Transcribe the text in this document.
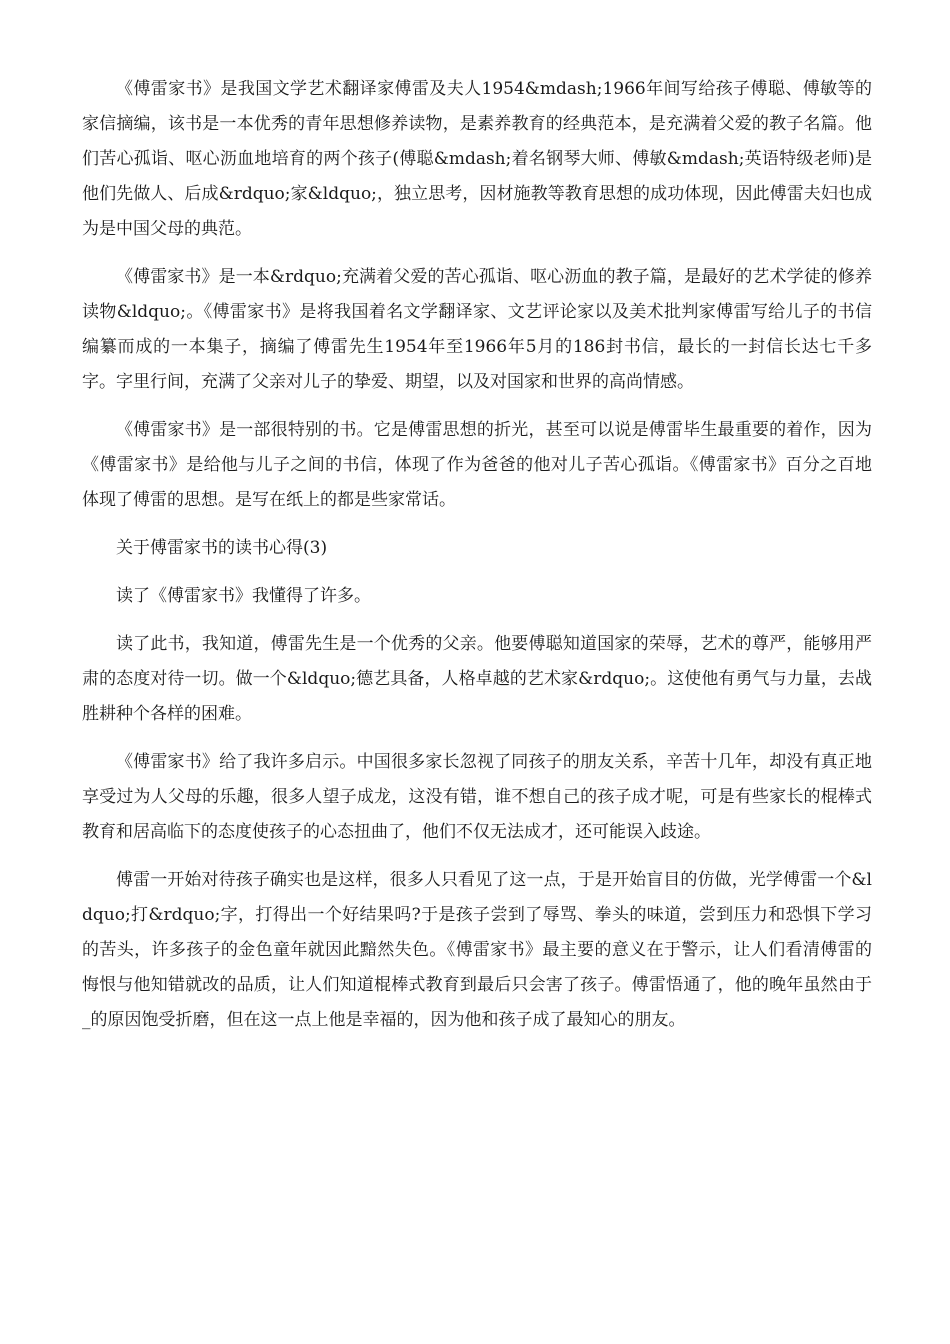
《傅雷家书》是我国文学艺术翻译家傅雷及夫人1954&mdash;1966年间写给孩子傅聪、傅敏等的家信摘编，该书是一本优秀的青年思想修养读物，是素养教育的经典范本，是充满着父爱的教子名篇。他们苦心孤诣、呕心沥血地培育的两个孩子(傅聪&mdash;着名钢琴大师、傅敏&mdash;英语特级老师)是他们先做人、后成&rdquo;家&ldquo;，独立思考，因材施教等教育思想的成功体现，因此傅雷夫妇也成为是中国父母的典范。

《傅雷家书》是一本&rdquo;充满着父爱的苦心孤诣、呕心沥血的教子篇，是最好的艺术学徒的修养读物&ldquo;。《傅雷家书》是将我国着名文学翻译家、文艺评论家以及美术批判家傅雷写给儿子的书信编纂而成的一本集子，摘编了傅雷先生1954年至1966年5月的186封书信，最长的一封信长达七千多字。字里行间，充满了父亲对儿子的挚爱、期望，以及对国家和世界的高尚情感。

《傅雷家书》是一部很特别的书。它是傅雷思想的折光，甚至可以说是傅雷毕生最重要的着作，因为《傅雷家书》是给他与儿子之间的书信，体现了作为爸爸的他对儿子苦心孤诣。《傅雷家书》百分之百地体现了傅雷的思想。是写在纸上的都是些家常话。

关于傅雷家书的读书心得(3)

读了《傅雷家书》我懂得了许多。

读了此书，我知道，傅雷先生是一个优秀的父亲。他要傅聪知道国家的荣辱，艺术的尊严，能够用严肃的态度对待一切。做一个&ldquo;德艺具备，人格卓越的艺术家&rdquo;。这使他有勇气与力量，去战胜耕种个各样的困难。

《傅雷家书》给了我许多启示。中国很多家长忽视了同孩子的朋友关系，辛苦十几年，却没有真正地享受过为人父母的乐趣，很多人望子成龙，这没有错，谁不想自己的孩子成才呢，可是有些家长的棍棒式教育和居高临下的态度使孩子的心态扭曲了，他们不仅无法成才，还可能误入歧途。

傅雷一开始对待孩子确实也是这样，很多人只看见了这一点，于是开始盲目的仿做，光学傅雷一个&ldquo;打&rdquo;字，打得出一个好结果吗?于是孩子尝到了辱骂、拳头的味道，尝到压力和恐惧下学习的苦头，许多孩子的金色童年就因此黯然失色。《傅雷家书》最主要的意义在于警示，让人们看清傅雷的悔恨与他知错就改的品质，让人们知道棍棒式教育到最后只会害了孩子。傅雷悟通了，他的晚年虽然由于_的原因饱受折磨，但在这一点上他是幸福的，因为他和孩子成了最知心的朋友。
